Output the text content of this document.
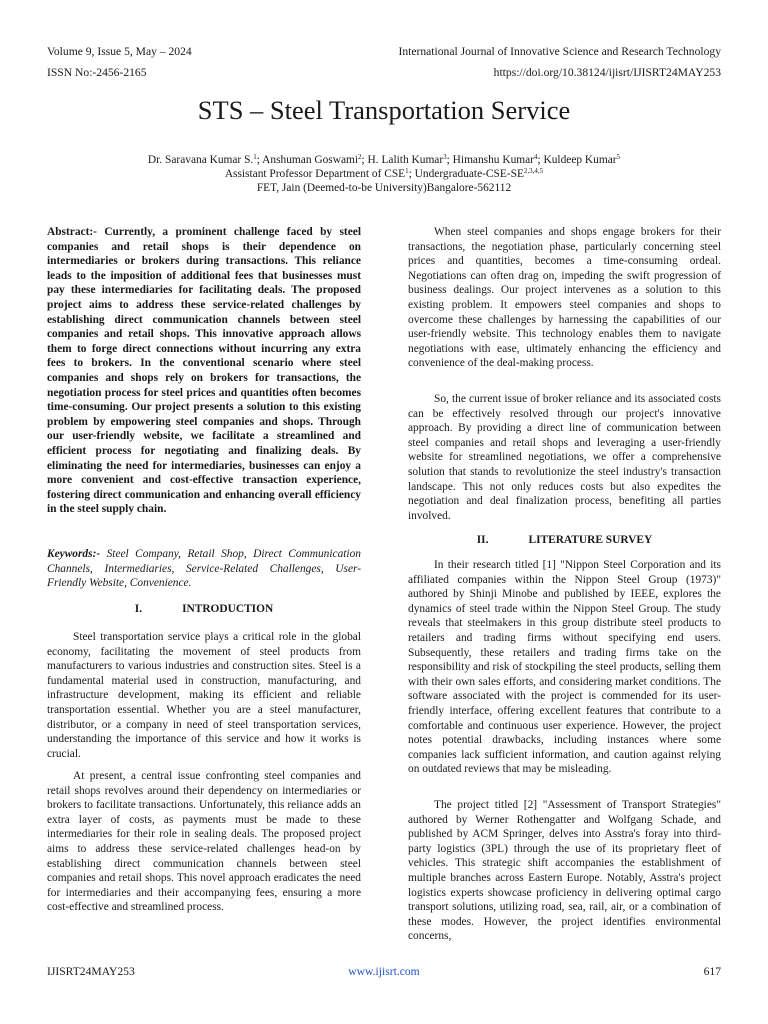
Volume 9, Issue 5, May – 2024	International Journal of Innovative Science and Research Technology
ISSN No:-2456-2165	https://doi.org/10.38124/ijisrt/IJISRT24MAY253
STS – Steel Transportation Service
Dr. Saravana Kumar S.$^1$; Anshuman Goswami$^2$; H. Lalith Kumar$^3$; Himanshu Kumar$^4$; Kuldeep Kumar$^5$
Assistant Professor Department of CSE$^1$; Undergraduate-CSE-SE$^{2,3,4,5}$
FET, Jain (Deemed-to-be University)Bangalore-562112

Abstract:- Currently, a prominent challenge faced by steel companies and retail shops is their dependence on intermediaries or brokers during transactions. This reliance leads to the imposition of additional fees that businesses must pay these intermediaries for facilitating deals. The proposed project aims to address these service-related challenges by establishing direct communication channels between steel companies and retail shops. This innovative approach allows them to forge direct connections without incurring any extra fees to brokers. In the conventional scenario where steel companies and shops rely on brokers for transactions, the negotiation process for steel prices and quantities often becomes time-consuming. Our project presents a solution to this existing problem by empowering steel companies and shops. Through our user-friendly website, we facilitate a streamlined and efficient process for negotiating and finalizing deals. By eliminating the need for intermediaries, businesses can enjoy a more convenient and cost-effective transaction experience, fostering direct communication and enhancing overall efficiency in the steel supply chain.

Keywords:- Steel Company, Retail Shop, Direct Communication Channels, Intermediaries, Service-Related Challenges, User-Friendly Website, Convenience.

I.	INTRODUCTION

Steel transportation service plays a critical role in the global economy, facilitating the movement of steel products from manufacturers to various industries and construction sites. Steel is a fundamental material used in construction, manufacturing, and infrastructure development, making its efficient and reliable transportation essential. Whether you are a steel manufacturer, distributor, or a company in need of steel transportation services, understanding the importance of this service and how it works is crucial.

At present, a central issue confronting steel companies and retail shops revolves around their dependency on intermediaries or brokers to facilitate transactions. Unfortunately, this reliance adds an extra layer of costs, as payments must be made to these intermediaries for their role in sealing deals. The proposed project aims to address these service-related challenges head-on by establishing direct communication channels between steel companies and retail shops. This novel approach eradicates the need for intermediaries and their accompanying fees, ensuring a more cost-effective and streamlined process.

When steel companies and shops engage brokers for their transactions, the negotiation phase, particularly concerning steel prices and quantities, becomes a time-consuming ordeal. Negotiations can often drag on, impeding the swift progression of business dealings. Our project intervenes as a solution to this existing problem. It empowers steel companies and shops to overcome these challenges by harnessing the capabilities of our user-friendly website. This technology enables them to navigate negotiations with ease, ultimately enhancing the efficiency and convenience of the deal-making process.

So, the current issue of broker reliance and its associated costs can be effectively resolved through our project's innovative approach. By providing a direct line of communication between steel companies and retail shops and leveraging a user-friendly website for streamlined negotiations, we offer a comprehensive solution that stands to revolutionize the steel industry's transaction landscape. This not only reduces costs but also expedites the negotiation and deal finalization process, benefiting all parties involved.

II.	LITERATURE SURVEY

In their research titled [1] "Nippon Steel Corporation and its affiliated companies within the Nippon Steel Group (1973)" authored by Shinji Minobe and published by IEEE, explores the dynamics of steel trade within the Nippon Steel Group. The study reveals that steelmakers in this group distribute steel products to retailers and trading firms without specifying end users. Subsequently, these retailers and trading firms take on the responsibility and risk of stockpiling the steel products, selling them with their own sales efforts, and considering market conditions. The software associated with the project is commended for its user-friendly interface, offering excellent features that contribute to a comfortable and continuous user experience. However, the project notes potential drawbacks, including instances where some companies lack sufficient information, and caution against relying on outdated reviews that may be misleading.

The project titled [2] "Assessment of Transport Strategies" authored by Werner Rothengatter and Wolfgang Schade, and published by ACM Springer, delves into Asstra's foray into third-party logistics (3PL) through the use of its proprietary fleet of vehicles. This strategic shift accompanies the establishment of multiple branches across Eastern Europe. Notably, Asstra's project logistics experts showcase proficiency in delivering optimal cargo transport solutions, utilizing road, sea, rail, air, or a combination of these modes. However, the project identifies environmental concerns,

IJISRT24MAY253	www.ijisrt.com	617
